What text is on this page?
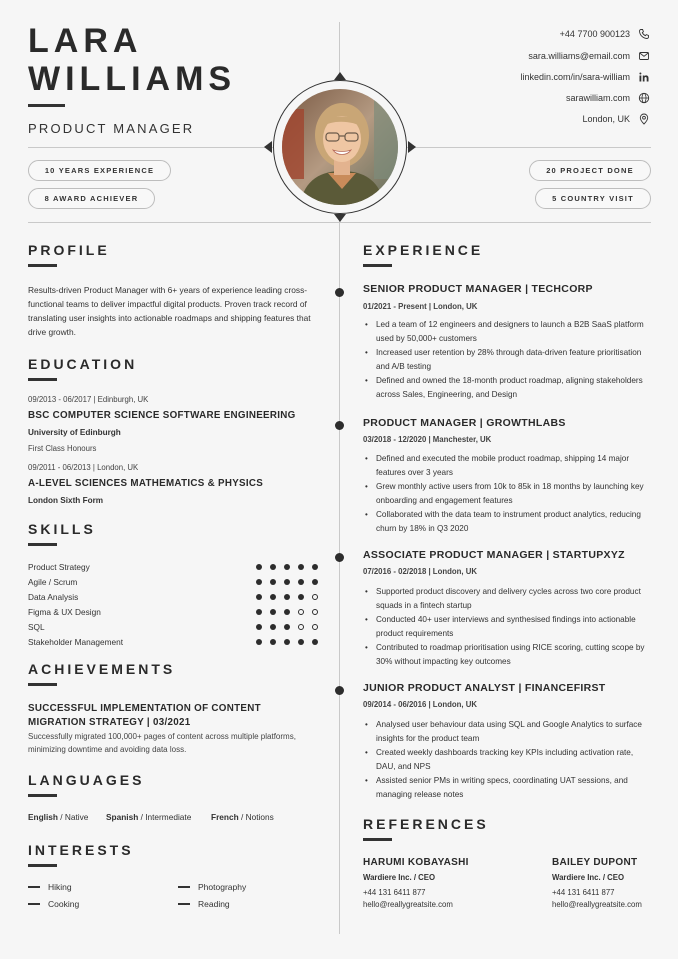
LARA
WILLIAMS
PRODUCT MANAGER
+44 7700 900123
sara.williams@email.com
linkedin.com/in/sara-william
sarawilliam.com
London, UK
10 YEARS EXPERIENCE
8 AWARD ACHIEVER
20 PROJECT DONE
5 COUNTRY VISIT
PROFILE
Results-driven Product Manager with 6+ years of experience leading cross-functional teams to deliver impactful digital products. Proven track record of translating user insights into actionable roadmaps and shipping features that drive growth.
EDUCATION
09/2013 - 06/2017 | Edinburgh, UK
BSC COMPUTER SCIENCE SOFTWARE ENGINEERING
University of Edinburgh
First Class Honours
09/2011 - 06/2013 | London, UK
A-LEVEL SCIENCES MATHEMATICS & PHYSICS
London Sixth Form
SKILLS
ACHIEVEMENTS
SUCCESSFUL IMPLEMENTATION OF CONTENT
MIGRATION STRATEGY | 03/2021
Successfully migrated 100,000+ pages of content across multiple platforms, minimizing downtime and avoiding data loss.
LANGUAGES
English / Native Spanish / Intermediate French / Notions
INTERESTS
Hiking	Photography
Cooking	Reading
EXPERIENCE
SENIOR PRODUCT MANAGER | TECHCORP
01/2021 - Present | London, UK
• Led a team of 12 engineers and designers to launch a B2B SaaS platform used by 50,000+ customers
• Increased user retention by 28% through data-driven feature prioritisation and A/B testing
• Defined and owned the 18-month product roadmap, aligning stakeholders across Sales, Engineering, and Design
PRODUCT MANAGER | GROWTHLABS
03/2018 - 12/2020 | Manchester, UK
• Defined and executed the mobile product roadmap, shipping 14 major features over 3 years
• Grew monthly active users from 10k to 85k in 18 months by launching key onboarding and engagement features
• Collaborated with the data team to instrument product analytics, reducing churn by 18% in Q3 2020
ASSOCIATE PRODUCT MANAGER | STARTUPXYZ
07/2016 - 02/2018 | London, UK
• Supported product discovery and delivery cycles across two core product squads in a fintech startup
• Conducted 40+ user interviews and synthesised findings into actionable product requirements
• Contributed to roadmap prioritisation using RICE scoring, cutting scope by 30% without impacting key outcomes
JUNIOR PRODUCT ANALYST | FINANCEFIRST
09/2014 - 06/2016 | London, UK
• Analysed user behaviour data using SQL and Google Analytics to surface insights for the product team
• Created weekly dashboards tracking key KPIs including activation rate, DAU, and NPS
• Assisted senior PMs in writing specs, coordinating UAT sessions, and managing release notes
REFERENCES
HARUMI KOBAYASHI
Wardiere Inc. / CEO
+44 131 6411 877
hello@reallygreatsite.com
BAILEY DUPONT
Wardiere Inc. / CEO
+44 131 6411 877
hello@reallygreatsite.com
Product Strategy
Agile / Scrum
Data Analysis
Figma & UX Design
SQL
Stakeholder Management
